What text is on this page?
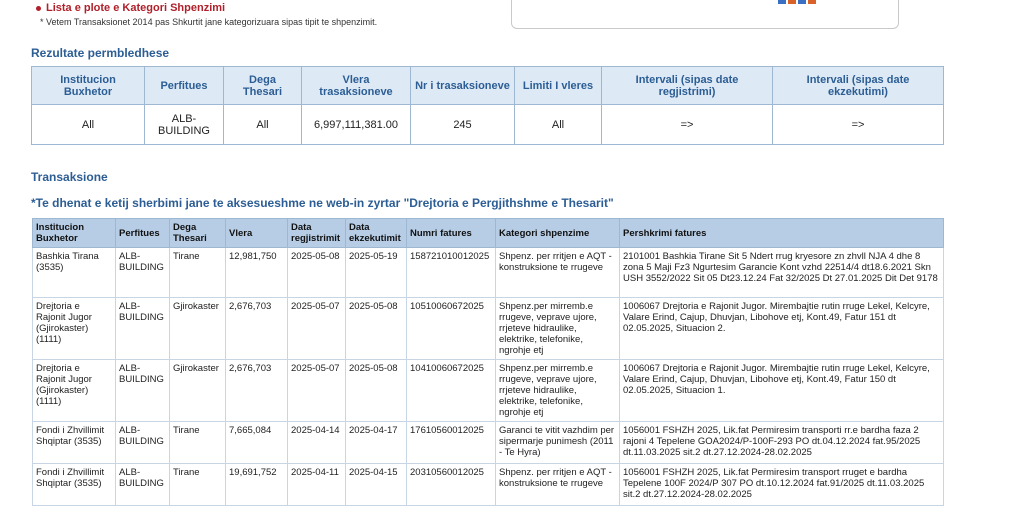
Lista e plote e Kategori Shpenzimi
* Vetem Transaksionet 2014 pas Shkurtit jane kategorizuara sipas tipit te shpenzimit.
Rezultate permbledhese
Institucion Buxhetor	Perfitues	Dega Thesari	Vlera trasaksioneve	Nr i trasaksioneve	Limiti I vleres	Intervali (sipas date regjistrimi)	Intervali (sipas date ekzekutimi)
All	ALB-BUILDING	All	6,997,111,381.00	245	All	=>	=>
Transaksione
*Te dhenat e ketij sherbimi jane te aksesueshme ne web-in zyrtar "Drejtoria e Pergjithshme e Thesarit"
Institucion Buxhetor	Perfitues	Dega Thesari	Vlera	Data regjistrimit	Data ekzekutimit	Numri fatures	Kategori shpenzime	Pershkrimi fatures
Bashkia Tirana (3535)	ALB-BUILDING	Tirane	12,981,750	2025-05-08	2025-05-19	158721010012025	Shpenz. per rritjen e AQT - konstruksione te rrugeve	2101001 Bashkia Tirane Sit 5 Ndert rrug kryesore zn zhvll NJA 4 dhe 8 zona 5 Maji Fz3 Ngurtesim Garancie Kont vzhd 22514/4 dt18.6.2021 Skn USH 3552/2022 Sit 05 Dt23.12.24 Fat 32/2025 Dt 27.01.2025 Dit Det 9178
Drejtoria e Rajonit Jugor (Gjirokaster) (1111)	ALB-BUILDING	Gjirokaster	2,676,703	2025-05-07	2025-05-08	10510060672025	Shpenz.per mirremb.e rrugeve, veprave ujore, rrjeteve hidraulike, elektrike, telefonike, ngrohje etj	1006067 Drejtoria e Rajonit Jugor. Mirembajtie rutin rruge Lekel, Kelcyre, Valare Erind, Cajup, Dhuvjan, Libohove etj, Kont.49, Fatur 151 dt 02.05.2025, Situacion 2.
Drejtoria e Rajonit Jugor (Gjirokaster) (1111)	ALB-BUILDING	Gjirokaster	2,676,703	2025-05-07	2025-05-08	10410060672025	Shpenz.per mirremb.e rrugeve, veprave ujore, rrjeteve hidraulike, elektrike, telefonike, ngrohje etj	1006067 Drejtoria e Rajonit Jugor. Mirembajtie rutin rruge Lekel, Kelcyre, Valare Erind, Cajup, Dhuvjan, Libohove etj, Kont.49, Fatur 150 dt 02.05.2025, Situacion 1.
Fondi i Zhvillimit Shqiptar (3535)	ALB-BUILDING	Tirane	7,665,084	2025-04-14	2025-04-17	17610560012025	Garanci te vitit vazhdim per sipermarje punimesh (2011 - Te Hyra)	1056001 FSHZH 2025, Lik.fat Permiresim transporti rr.e bardha faza 2 rajoni 4 Tepelene GOA2024/P-100F-293 PO dt.04.12.2024 fat.95/2025 dt.11.03.2025 sit.2 dt.27.12.2024-28.02.2025
Fondi i Zhvillimit Shqiptar (3535)	ALB-BUILDING	Tirane	19,691,752	2025-04-11	2025-04-15	20310560012025	Shpenz. per rritjen e AQT - konstruksione te rrugeve	1056001 FSHZH 2025, Lik.fat Permiresim transport rruget e bardha Tepelene 100F 2024/P 307 PO dt.10.12.2024 fat.91/2025 dt.11.03.2025 sit.2 dt.27.12.2024-28.02.2025
